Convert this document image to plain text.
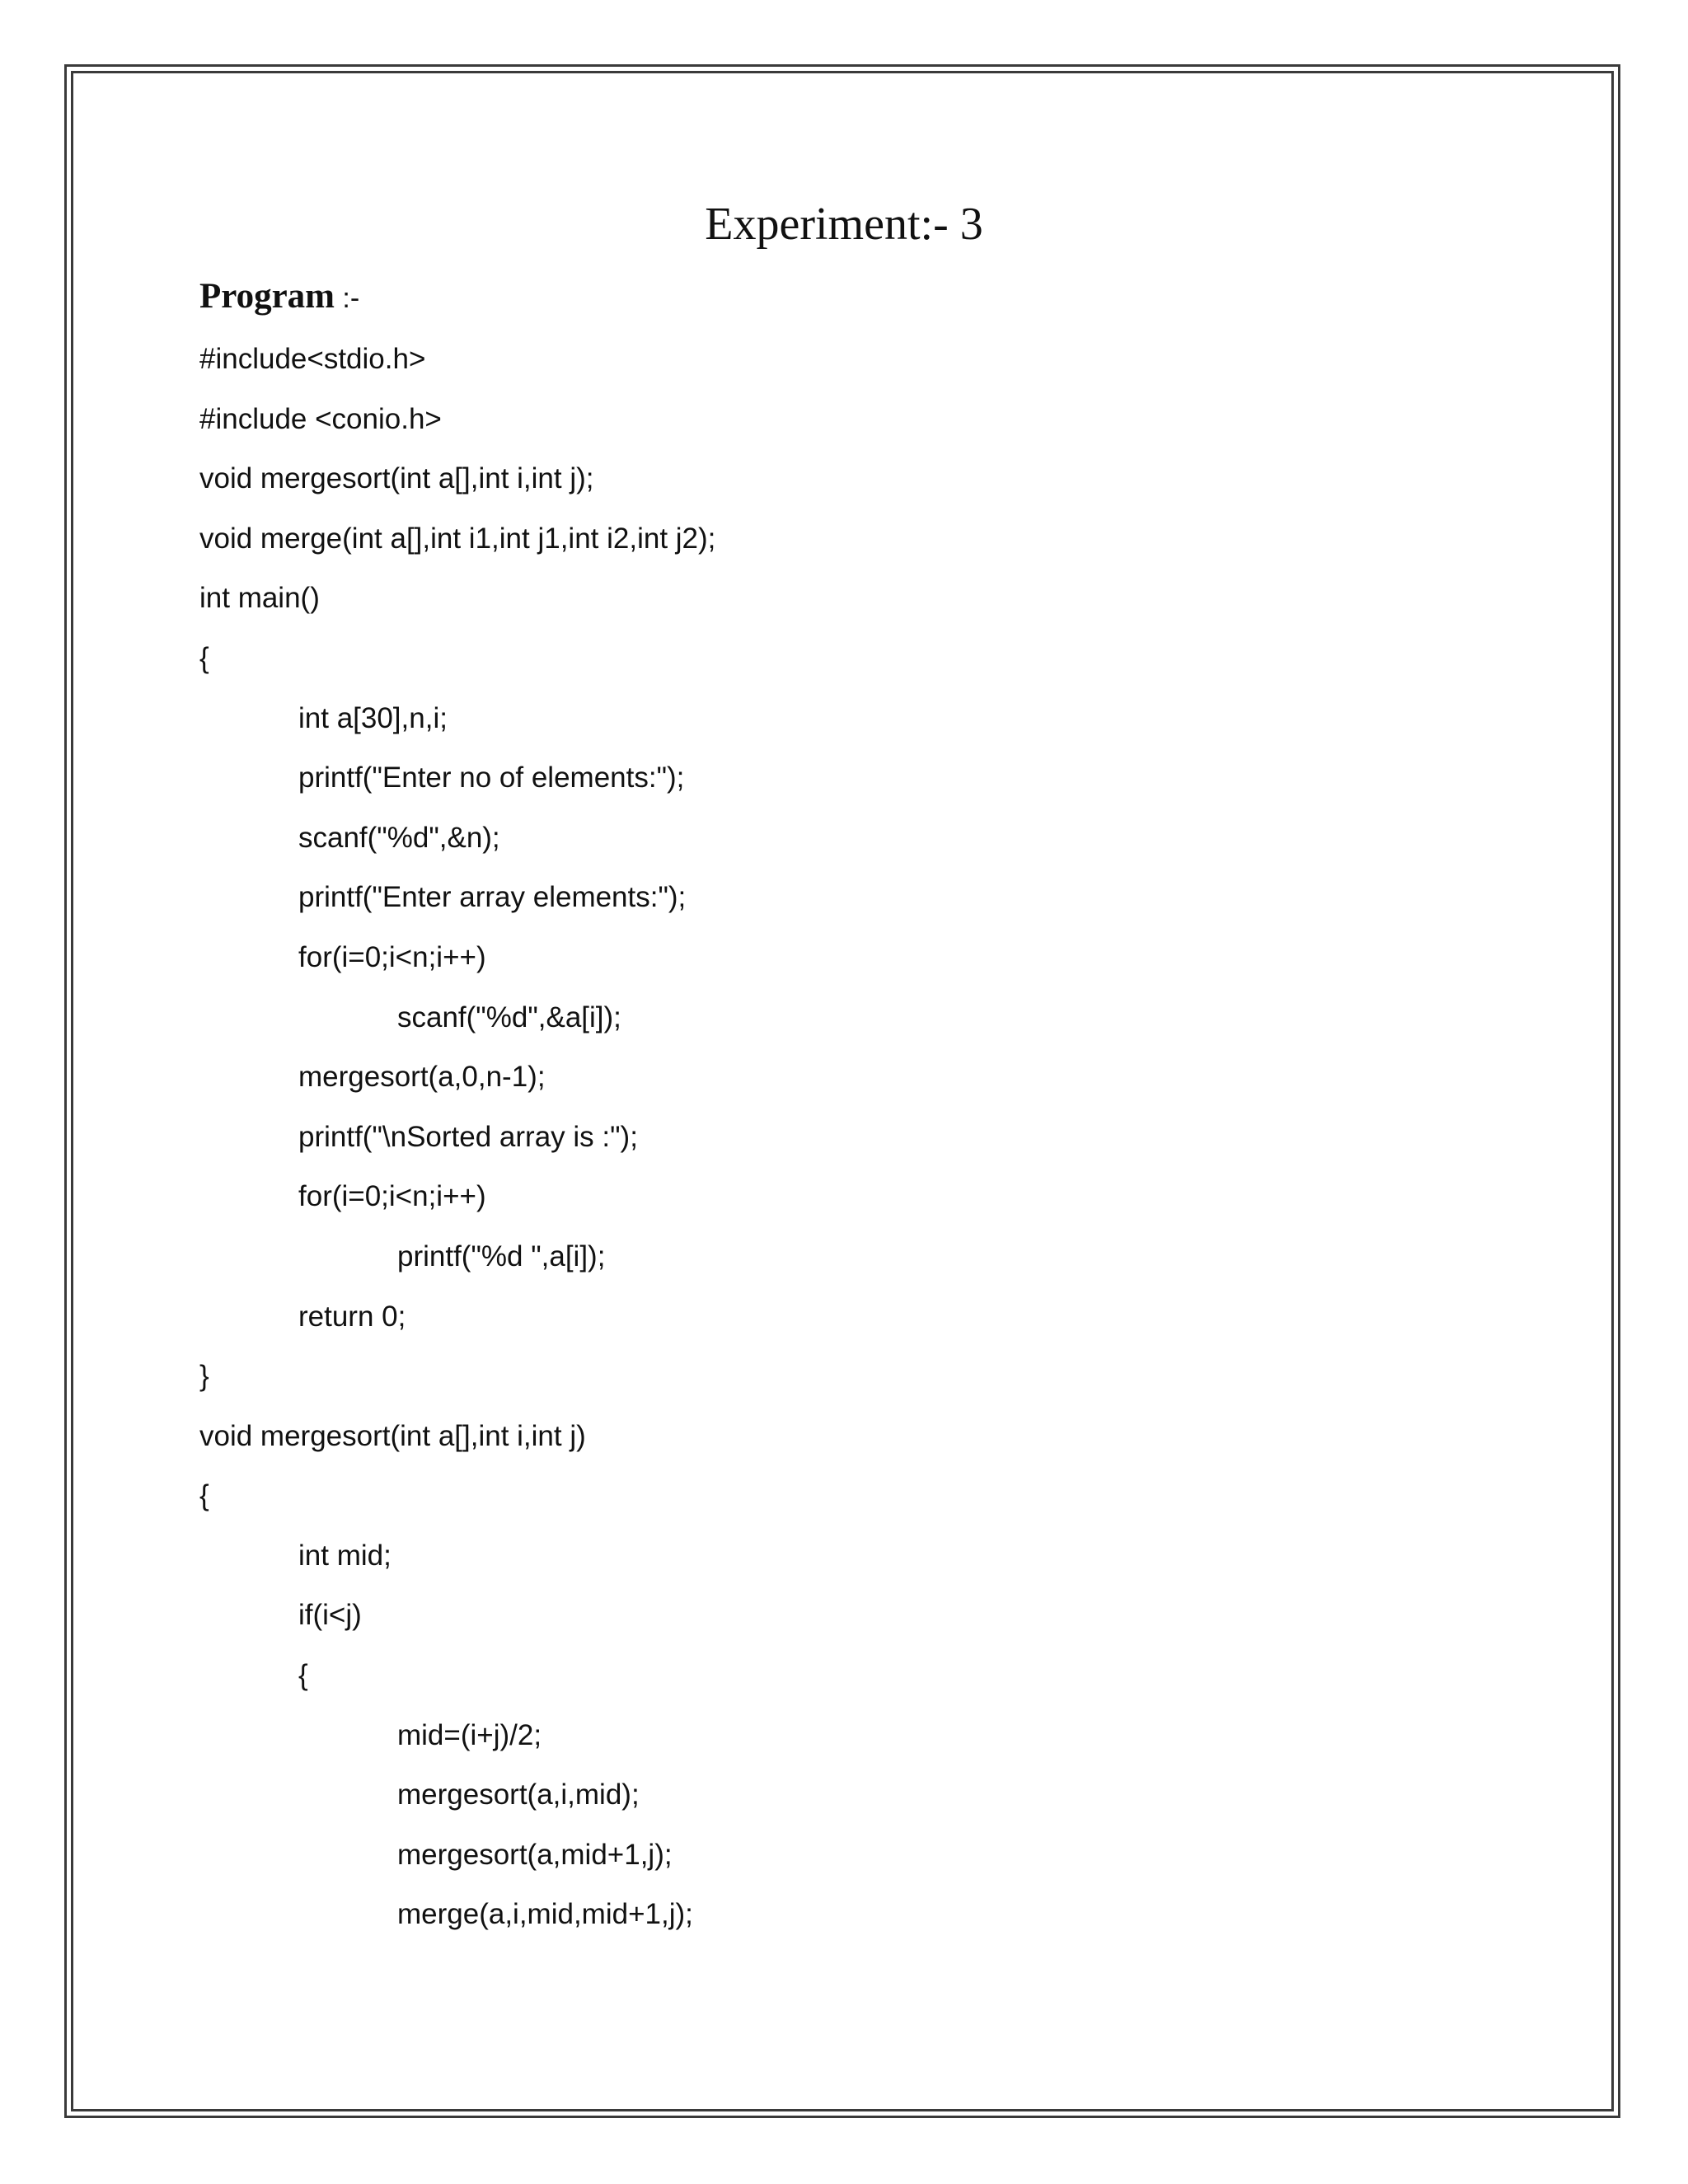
Experiment:- 3

Program :-

#include<stdio.h>
#include <conio.h>
void mergesort(int a[],int i,int j);
void merge(int a[],int i1,int j1,int i2,int j2);
int main()
{
int a[30],n,i;
printf("Enter no of elements:");
scanf("%d",&n);
printf("Enter array elements:");
for(i=0;i<n;i++)
scanf("%d",&a[i]);
mergesort(a,0,n-1);
printf("\nSorted array is :");
for(i=0;i<n;i++)
printf("%d ",a[i]);
return 0;
}
void mergesort(int a[],int i,int j)
{
int mid;
if(i<j)
{
mid=(i+j)/2;
mergesort(a,i,mid);
mergesort(a,mid+1,j);
merge(a,i,mid,mid+1,j);
